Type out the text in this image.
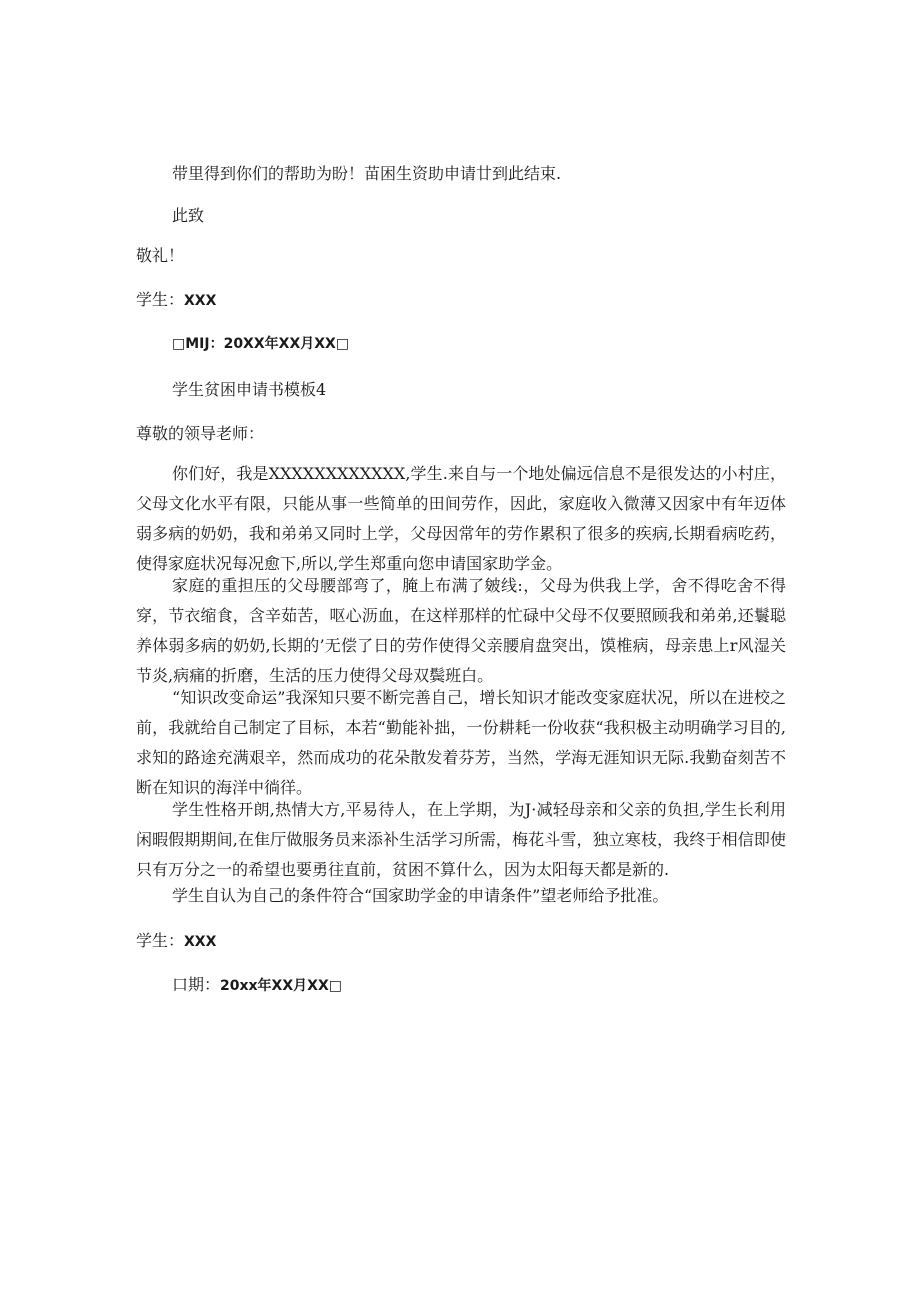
带里得到你们的帮助为盼！苗困生资助申请廿到此结束.
此致
敬礼！
学生：XXX
□MIJ：20XX年XX月XX□
学生贫困申请书模板4
尊敬的领导老师：
你们好，我是XXXXXXXXXXXX,学生.来自与一个地处偏远信息不是很发达的小村庄，父母文化水平有限，只能从事一些简单的田间劳作，因此，家庭收入微薄又因家中有年迈体弱多病的奶奶，我和弟弟又同时上学，父母因常年的劳作累积了很多的疾病,长期看病吃药，使得家庭状况每况愈下,所以,学生郑重向您申请国家助学金。
家庭的重担压的父母腰部弯了，腌上布满了皴线:，父母为供我上学，舍不得吃舍不得穿，节衣缩食，含辛茹苦，呕心沥血，在这样那样的忙碌中父母不仅要照顾我和弟弟,还鬟聪养体弱多病的奶奶,长期的’无偿了日的劳作使得父亲腰肩盘突出，馍椎病，母亲患上r风湿关节炎,病痛的折磨，生活的压力使得父母双鬓班白。
“知识改变命运”我深知只要不断完善自己，增长知识才能改变家庭状况，所以在进校之前，我就给自己制定了目标，本若“勤能补拙，一份耕耗一份收获“我积极主动明确学习目的,求知的路途充满艰辛，然而成功的花朵散发着芬芳，当然，学海无涯知识无际.我勤奋刻苦不断在知识的海洋中徜徉。
学生性格开朗,热情大方,平易待人，在上学期，为J·减轻母亲和父亲的负担,学生长利用闲暇假期期间,在隹厅做服务员来添补生活学习所需，梅花斗雪，独立寒枝，我终于相信即使只有万分之一的希望也要勇往直前，贫困不算什么，因为太阳每天都是新的.
学生自认为自己的条件符合“国家助学金的申请条件”望老师给予批准。
学生：XXX
口期：20xx年XX月XX□
